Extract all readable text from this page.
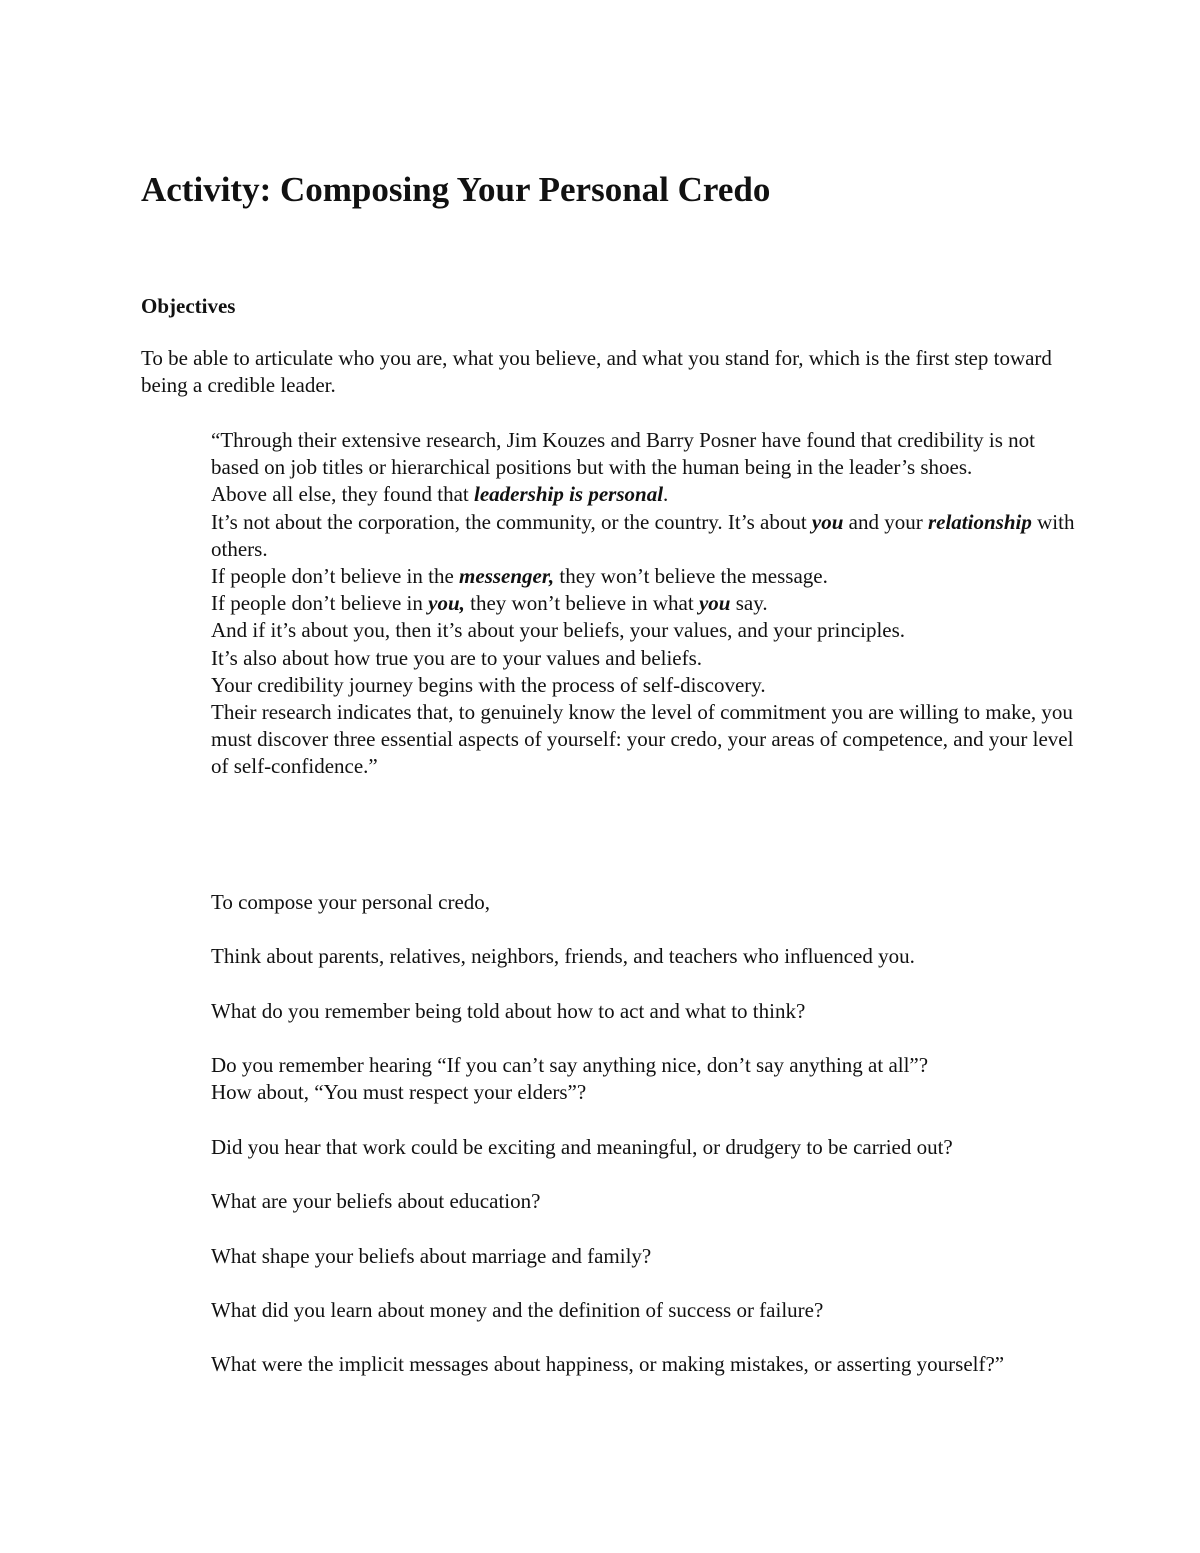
Activity: Composing Your Personal Credo
Objectives

To be able to articulate who you are, what you believe, and what you stand for, which is the first step toward being a credible leader.

“Through their extensive research, Jim Kouzes and Barry Posner have found that credibility is not based on job titles or hierarchical positions but with the human being in the leader’s shoes.
Above all else, they found that leadership is personal.
It’s not about the corporation, the community, or the country. It’s about you and your relationship with others.
If people don’t believe in the messenger, they won’t believe the message.
If people don’t believe in you, they won’t believe in what you say.
And if it’s about you, then it’s about your beliefs, your values, and your principles.
It’s also about how true you are to your values and beliefs.
Your credibility journey begins with the process of self-discovery.
Their research indicates that, to genuinely know the level of commitment you are willing to make, you must discover three essential aspects of yourself: your credo, your areas of competence, and your level of self-confidence.”

To compose your personal credo,

Think about parents, relatives, neighbors, friends, and teachers who influenced you.

What do you remember being told about how to act and what to think?

Do you remember hearing “If you can’t say anything nice, don’t say anything at all”?
How about, “You must respect your elders”?

Did you hear that work could be exciting and meaningful, or drudgery to be carried out?

What are your beliefs about education?

What shape your beliefs about marriage and family?

What did you learn about money and the definition of success or failure?

What were the implicit messages about happiness, or making mistakes, or asserting yourself?”
